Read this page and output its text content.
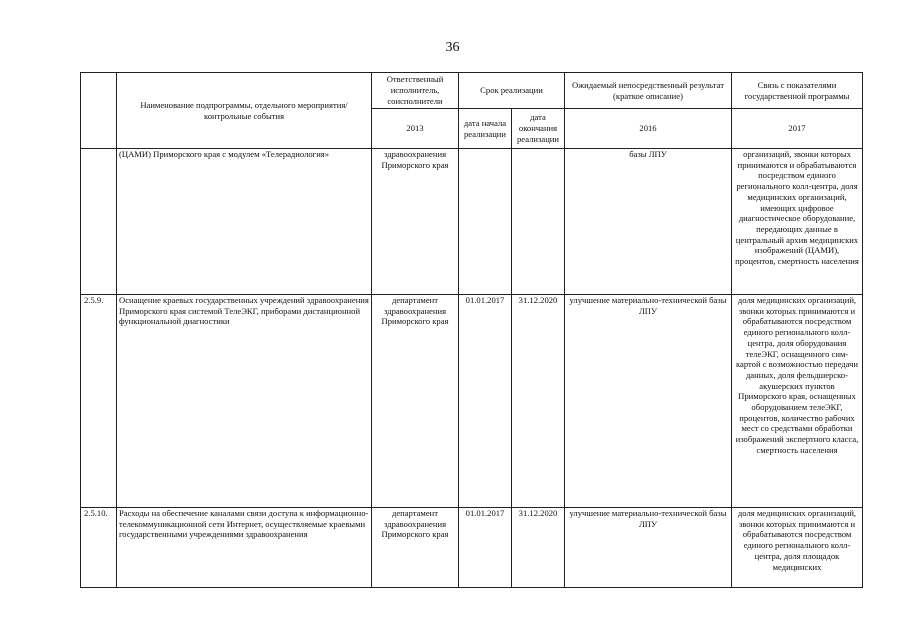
36
	Наименование подпрограммы, отдельного мероприятия/контрольные события	Ответственный исполнитель, соисполнители	Срок реализации		Ожидаемый непосредственный результат (краткое описание)	Связь с показателями государственной программы
		2013	дата начала реализации	дата окончания реализации	2016	2017
	(ЦАМИ) Приморского края с модулем «Телерадиология»	здравоохранения Приморского края			базы ЛПУ	организаций, звонки которых принимаются и обрабатываются посредством единого регионального колл-центра, доля медицинских организаций, имеющих цифровое диагностическое оборудование, передающих данные в центральный архив медицинских изображений (ЦАМИ), процентов, смертность населения
2.5.9.	Оснащение краевых государственных учреждений здравоохранения Приморского края системой ТелеЭКГ, приборами дистанционной функциональной диагностики	департамент здравоохранения Приморского края	01.01.2017	31.12.2020	улучшение материально-технической базы ЛПУ	доля медицинских организаций, звонки которых принимаются и обрабатываются посредством единого регионального колл-центра, доля оборудования телеЭКГ, оснащенного сим-картой с возможностью передачи данных, доля фельдшерско-акушерских пунктов Приморского края, оснащенных оборудованием телеЭКГ, процентов, количество рабочих мест со средствами обработки изображений экспертного класса, смертность населения
2.5.10.	Расходы на обеспечение каналами связи доступа к информационно-телекоммуникационной сети Интернет, осуществляемые краевыми государственными учреждениями здравоохранения	департамент здравоохранения Приморского края	01.01.2017	31.12.2020	улучшение материально-технической базы ЛПУ	доля медицинских организаций, звонки которых принимаются и обрабатываются посредством единого регионального колл-центра, доля площадок медицинских
